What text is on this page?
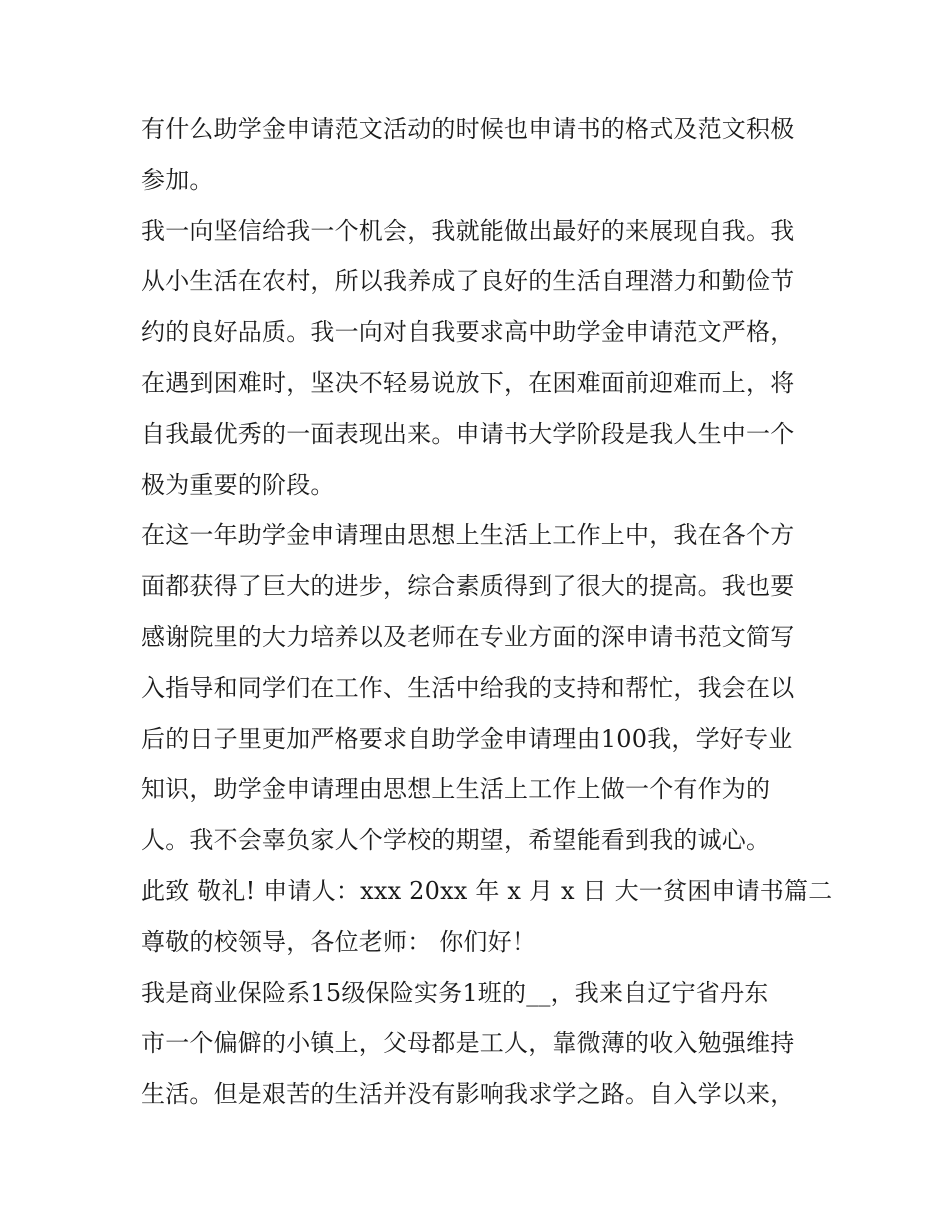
有什么助学金申请范文活动的时候也申请书的格式及范文积极
参加。
我一向坚信给我一个机会，我就能做出最好的来展现自我。我
从小生活在农村，所以我养成了良好的生活自理潜力和勤俭节
约的良好品质。我一向对自我要求高中助学金申请范文严格，
在遇到困难时，坚决不轻易说放下，在困难面前迎难而上，将
自我最优秀的一面表现出来。申请书大学阶段是我人生中一个
极为重要的阶段。
在这一年助学金申请理由思想上生活上工作上中，我在各个方
面都获得了巨大的进步，综合素质得到了很大的提高。我也要
感谢院里的大力培养以及老师在专业方面的深申请书范文简写
入指导和同学们在工作、生活中给我的支持和帮忙，我会在以
后的日子里更加严格要求自助学金申请理由100我，学好专业
知识，助学金申请理由思想上生活上工作上做一个有作为的
人。我不会辜负家人个学校的期望，希望能看到我的诚心。
此致 敬礼! 申请人：xxx 20xx 年 x 月 x 日 大一贫困申请书篇二
尊敬的校领导，各位老师： 你们好！
我是商业保险系15级保险实务1班的__，我来自辽宁省丹东
市一个偏僻的小镇上，父母都是工人，靠微薄的收入勉强维持
生活。但是艰苦的生活并没有影响我求学之路。自入学以来，
